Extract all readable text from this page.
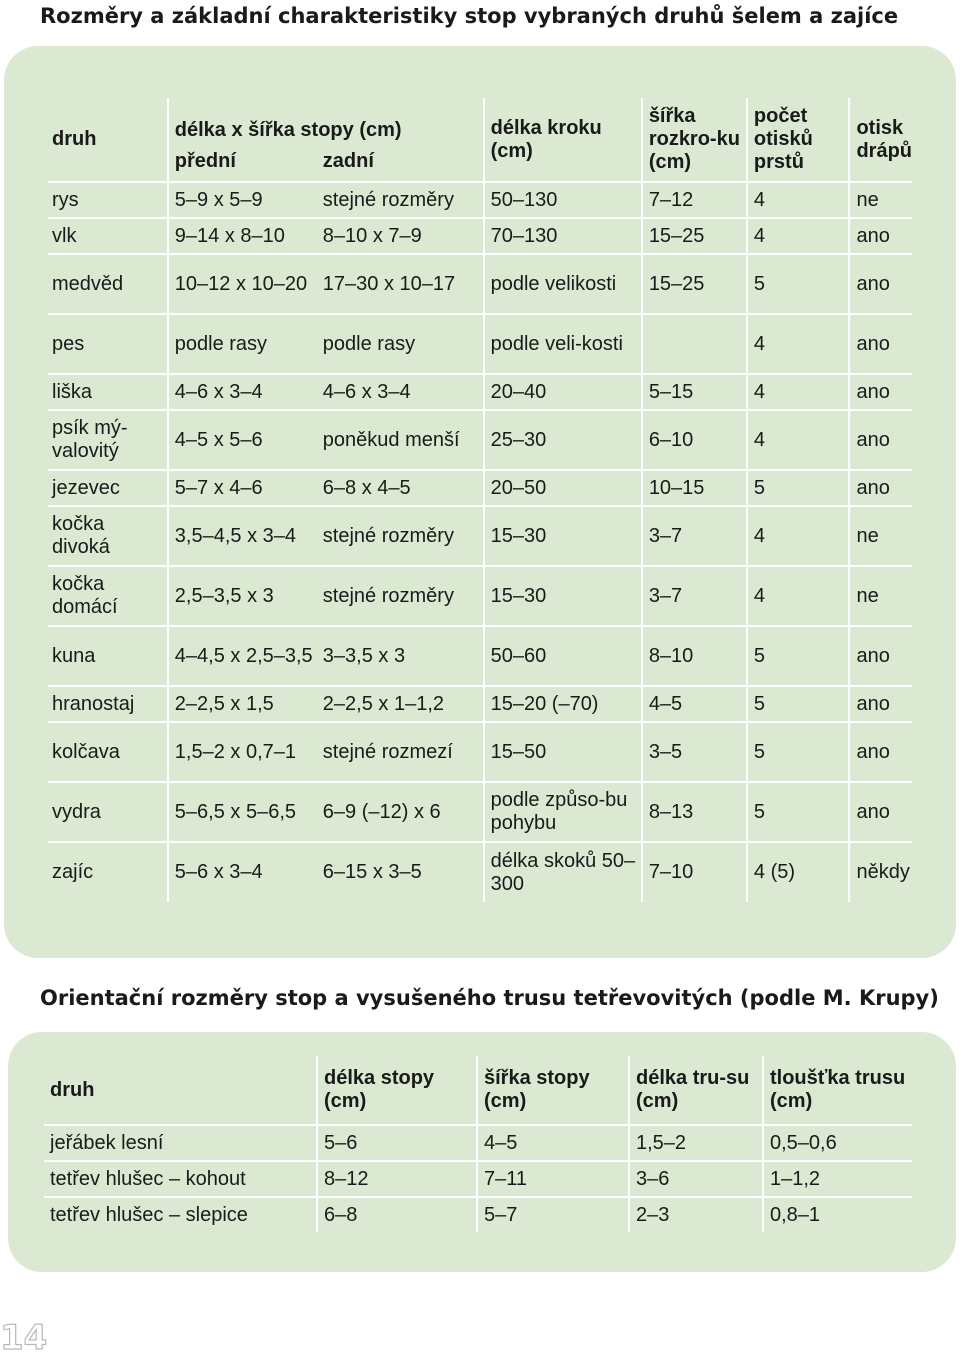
Rozměry a základní charakteristiky stop vybraných druhů šelem a zajíce
druh	délka x šířka stopy (cm)		délka kroku (cm)	šířka rozkro-ku (cm)	počet otisků prstů	otisk drápů
	přední	zadní				
rys	5–9 x 5–9	stejné rozměry	50–130	7–12	4	ne
vlk	9–14 x 8–10	8–10 x 7–9	70–130	15–25	4	ano
medvěd	10–12 x 10–20	17–30 x 10–17	podle velikosti	15–25	5	ano
pes	podle rasy	podle rasy	podle veli-kosti		4	ano
liška	4–6 x 3–4	4–6 x 3–4	20–40	5–15	4	ano
psík mý-valovitý	4–5 x 5–6	poněkud menší	25–30	6–10	4	ano
jezevec	5–7 x 4–6	6–8 x 4–5	20–50	10–15	5	ano
kočka divoká	3,5–4,5 x 3–4	stejné rozměry	15–30	3–7	4	ne
kočka domácí	2,5–3,5 x 3	stejné rozměry	15–30	3–7	4	ne
kuna	4–4,5 x 2,5–3,5	3–3,5 x 3	50–60	8–10	5	ano
hranostaj	2–2,5 x 1,5	2–2,5 x 1–1,2	15–20 (–70)	4–5	5	ano
kolčava	1,5–2 x 0,7–1	stejné rozmezí	15–50	3–5	5	ano
vydra	5–6,5 x 5–6,5	6–9 (–12) x 6	podle způso-bu pohybu	8–13	5	ano
zajíc	5–6 x 3–4	6–15 x 3–5	délka skoků 50–300	7–10	4 (5)	někdy
Orientační rozměry stop a vysušeného trusu tetřevovitých (podle M. Krupy)
druh	délka stopy (cm)	šířka stopy (cm)	délka tru-su (cm)	tloušťka trusu (cm)
jeřábek lesní	5–6	4–5	1,5–2	0,5–0,6
tetřev hlušec – kohout	8–12	7–11	3–6	1–1,2
tetřev hlušec – slepice	6–8	5–7	2–3	0,8–1
14
